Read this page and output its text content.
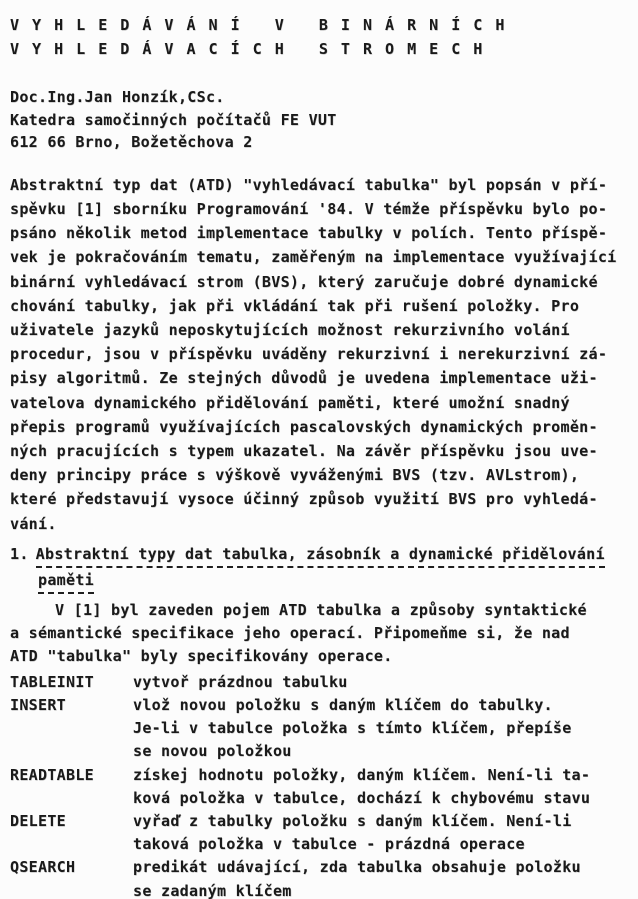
V Y H L E D Á V Á N Í   V   B I N Á R N Í C H
V Y H L E D Á V A C Í C H   S T R O M E C H
Doc.Ing.Jan Honzík,CSc.
Katedra samočinných počítačů FE VUT
612 66 Brno, Božetěchova 2
Abstraktní typ dat (ATD) "vyhledávací tabulka" byl popsán v pří-
spěvku [1] sborníku Programování '84. V témže příspěvku bylo po-
psáno několik metod implementace tabulky v polích. Tento příspě-
vek je pokračováním tematu, zaměřeným na implementace využívající
binární vyhledávací strom (BVS), který zaručuje dobré dynamické
chování tabulky, jak při vkládání tak při rušení položky. Pro
uživatele jazyků neposkytujících možnost rekurzivního volání
procedur, jsou v příspěvku uváděny rekurzivní i nerekurzivní zá-
pisy algoritmů. Ze stejných důvodů je uvedena implementace uži-
vatelova dynamického přidělování paměti, které umožní snadný
přepis programů využívajících pascalovských dynamických proměn-
ných pracujících s typem ukazatel. Na závěr příspěvku jsou uve-
deny principy práce s výškově vyváženými BVS (tzv. AVLstrom),
které představují vysoce účinný způsob využití BVS pro vyhledá-
vání.
1. Abstraktní typy dat tabulka, zásobník a dynamické přidělování
paměti
V [1] byl zaveden pojem ATD tabulka a způsoby syntaktické
a sémantické specifikace jeho operací. Připomeňme si, že nad
ATD "tabulka" byly specifikovány operace.
TABLEINIT	vytvoř prázdnou tabulku
INSERT	vlož novou položku s daným klíčem do tabulky.
Je-li v tabulce položka s tímto klíčem, přepíše
se novou položkou
READTABLE	získej hodnotu položky, daným klíčem. Není-li ta-
ková položka v tabulce, dochází k chybovému stavu
DELETE	vyřaď z tabulky položku s daným klíčem. Není-li
taková položka v tabulce - prázdná operace
QSEARCH	predikát udávající, zda tabulka obsahuje položku
se zadaným klíčem
